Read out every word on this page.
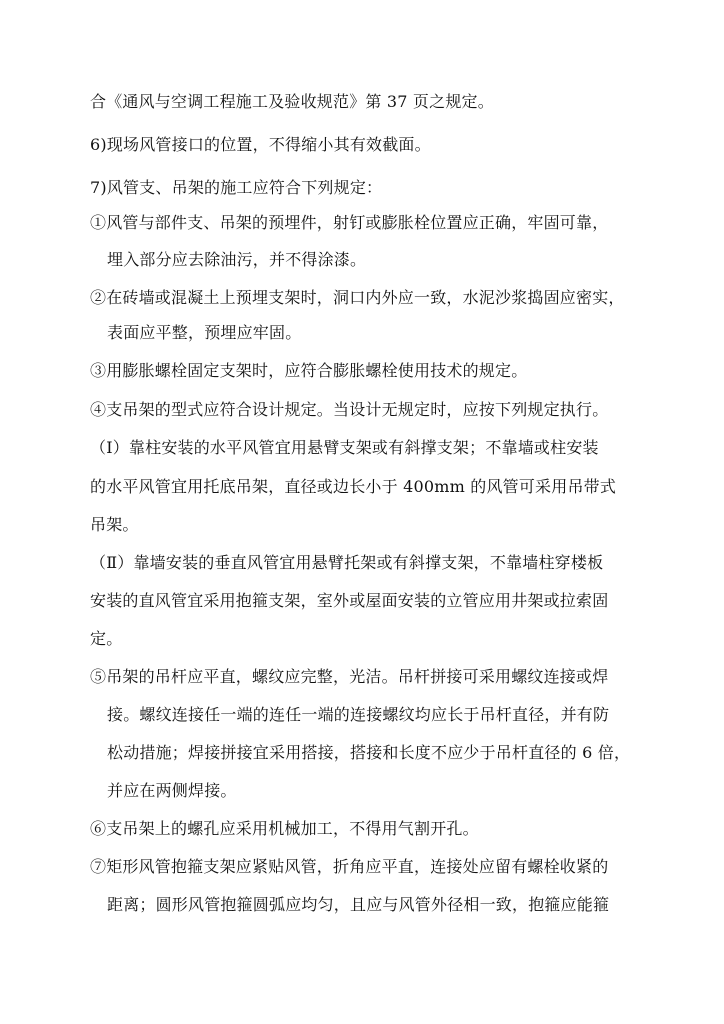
合《通风与空调工程施工及验收规范》第 37 页之规定。
6)现场风管接口的位置，不得缩小其有效截面。
7)风管支、吊架的施工应符合下列规定：
①风管与部件支、吊架的预埋件，射钉或膨胀栓位置应正确，牢固可靠，
埋入部分应去除油污，并不得涂漆。
②在砖墙或混凝土上预埋支架时，洞口内外应一致，水泥沙浆捣固应密实，
表面应平整，预埋应牢固。
③用膨胀螺栓固定支架时，应符合膨胀螺栓使用技术的规定。
④支吊架的型式应符合设计规定。当设计无规定时，应按下列规定执行。
（Ⅰ）靠柱安装的水平风管宜用悬臂支架或有斜撑支架；不靠墙或柱安装
的水平风管宜用托底吊架，直径或边长小于 400mm 的风管可采用吊带式
吊架。
（Ⅱ）靠墙安装的垂直风管宜用悬臂托架或有斜撑支架，不靠墙柱穿楼板
安装的直风管宜采用抱箍支架，室外或屋面安装的立管应用井架或拉索固
定。
⑤吊架的吊杆应平直，螺纹应完整，光洁。吊杆拼接可采用螺纹连接或焊
接。螺纹连接任一端的连任一端的连接螺纹均应长于吊杆直径，并有防
松动措施；焊接拼接宜采用搭接，搭接和长度不应少于吊杆直径的 6 倍，
并应在两侧焊接。
⑥支吊架上的螺孔应采用机械加工，不得用气割开孔。
⑦矩形风管抱箍支架应紧贴风管，折角应平直，连接处应留有螺栓收紧的
距离；圆形风管抱箍圆弧应均匀，且应与风管外径相一致，抱箍应能箍
